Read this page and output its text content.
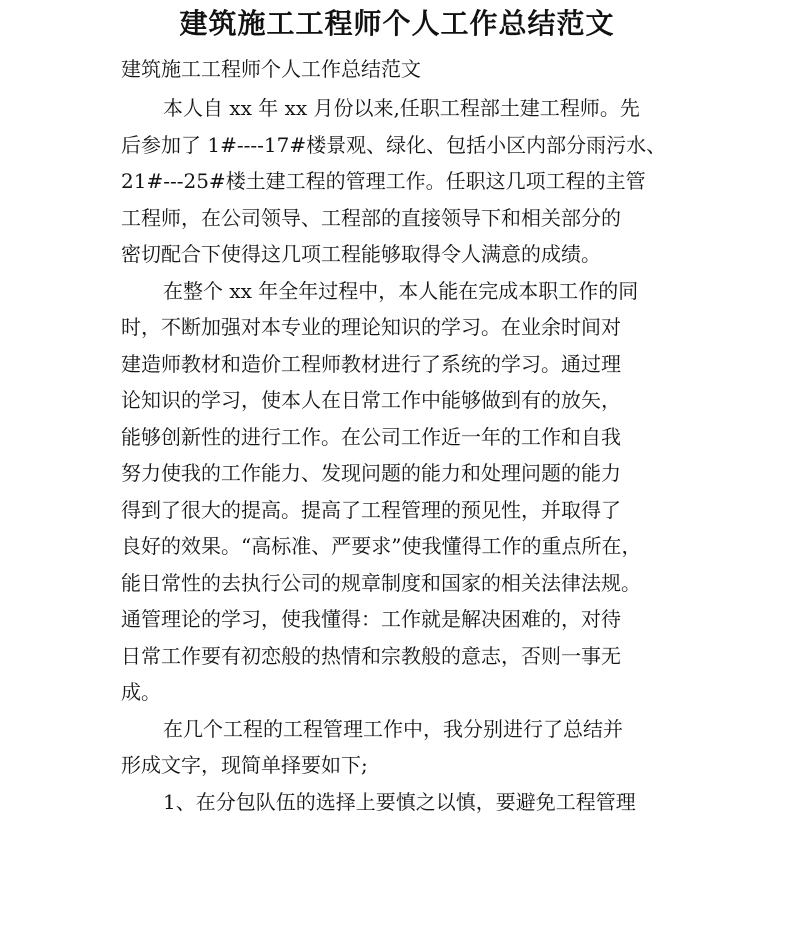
建筑施工工程师个人工作总结范文

建筑施工工程师个人工作总结范文

本人自 xx 年 xx 月份以来,任职工程部土建工程师。先

后参加了 1#----17#楼景观、绿化、包括小区内部分雨污水、

21#---25#楼土建工程的管理工作。任职这几项工程的主管

工程师，在公司领导、工程部的直接领导下和相关部分的

密切配合下使得这几项工程能够取得令人满意的成绩。

在整个 xx 年全年过程中，本人能在完成本职工作的同

时，不断加强对本专业的理论知识的学习。在业余时间对

建造师教材和造价工程师教材进行了系统的学习。通过理

论知识的学习，使本人在日常工作中能够做到有的放矢，

能够创新性的进行工作。在公司工作近一年的工作和自我

努力使我的工作能力、发现问题的能力和处理问题的能力

得到了很大的提高。提高了工程管理的预见性，并取得了

良好的效果。“高标准、严要求”使我懂得工作的重点所在，

能日常性的去执行公司的规章制度和国家的相关法律法规。

通管理论的学习，使我懂得：工作就是解决困难的，对待

日常工作要有初恋般的热情和宗教般的意志，否则一事无

成。

在几个工程的工程管理工作中，我分别进行了总结并

形成文字，现简单择要如下;

1、在分包队伍的选择上要慎之以慎，要避免工程管理
